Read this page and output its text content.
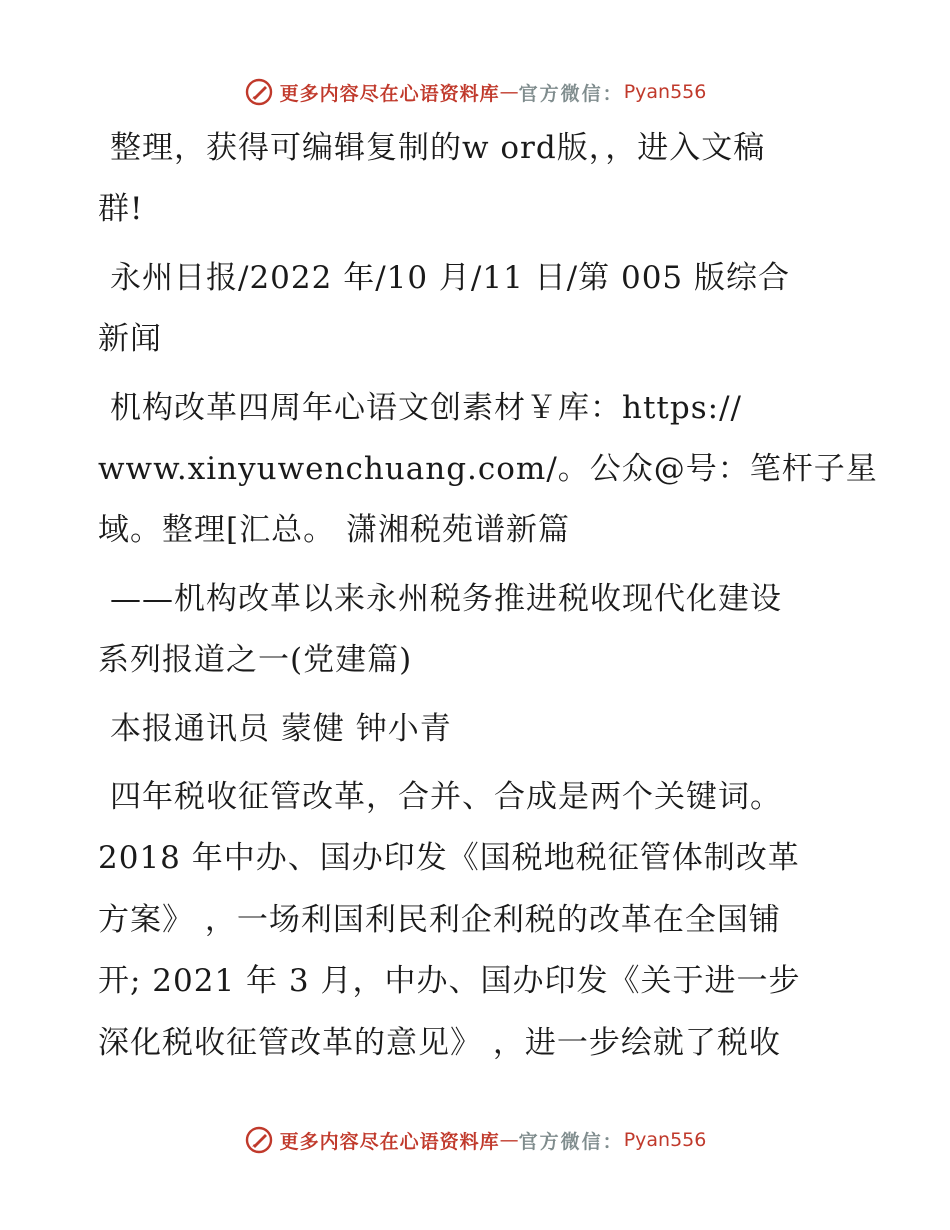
更多内容尽在心语资料库 — 官方微信： Pyan556
整理，获得可编辑复制的w ord版，，进入文稿
群!
永州日报/2022 年/10 月/11 日/第 005 版综合
新闻
机构改革四周年心语文创素材￥库：https://
www.xinyuwenchuang.com/。公众@号：笔杆子星
域。整理[汇总。 潇湘税苑谱新篇
——机构改革以来永州税务推进税收现代化建设
系列报道之一(党建篇)
本报通讯员 蒙健 钟小青
四年税收征管改革，合并、合成是两个关键词。
2018 年中办、国办印发《国税地税征管体制改革
方案》 ，一场利国利民利企利税的改革在全国铺
开; 2021 年 3 月，中办、国办印发《关于进一步
深化税收征管改革的意见》 ，进一步绘就了税收
更多内容尽在心语资料库 — 官方微信： Pyan556
